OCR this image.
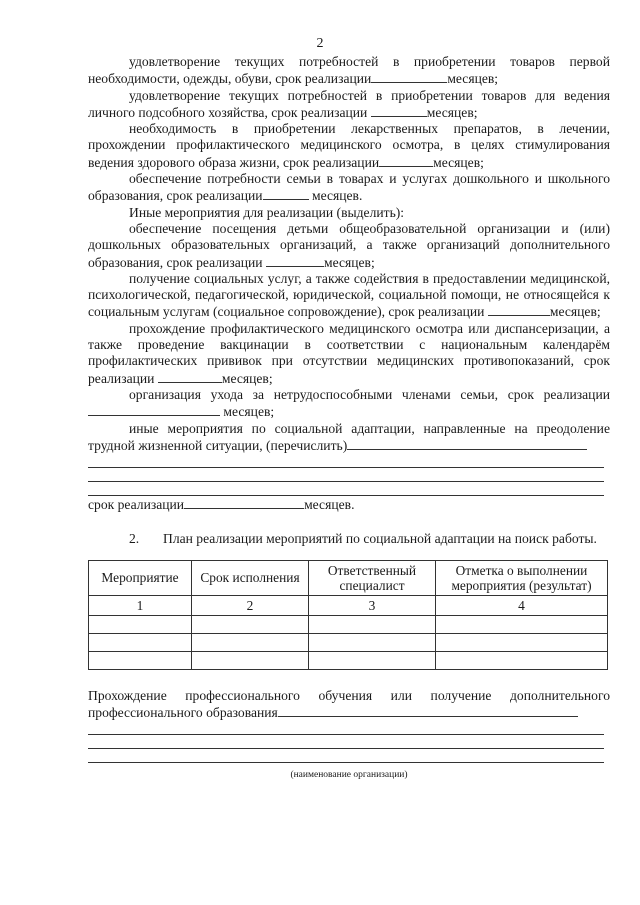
2

удовлетворение текущих потребностей в приобретении товаров первой необходимости, одежды, обуви, срок реализации	месяцев;

удовлетворение текущих потребностей в приобретении товаров для ведения личного подсобного хозяйства, срок реализации	месяцев;

необходимость в приобретении лекарственных препаратов, в лечении, прохождении профилактического медицинского осмотра, в целях стимулирования ведения здорового образа жизни, срок реализации	месяцев;

обеспечение потребности семьи в товарах и услугах дошкольного и школьного образования, срок реализации	месяцев.

Иные мероприятия для реализации (выделить):

обеспечение посещения детьми общеобразовательной организации и (или) дошкольных образовательных организаций, а также организаций дополнительного образования, срок реализации	месяцев;

получение социальных услуг, а также содействия в предоставлении медицинской, психологической, педагогической, юридической, социальной помощи, не относящейся к социальным услугам (социальное сопровождение), срок реализации	месяцев;

прохождение профилактического медицинского осмотра или диспансеризации, а также проведение вакцинации в соответствии с национальным календарём профилактических прививок при отсутствии медицинских противопоказаний, срок реализации	месяцев;

организация ухода за нетрудоспособными членами семьи, срок реализации месяцев;

иные мероприятия по социальной адаптации, направленные на преодоление трудной жизненной ситуации, (перечислить)

срок реализации	месяцев.

2. План реализации мероприятий по социальной адаптации на поиск работы.

Мероприятие	Срок исполнения	Ответственный специалист	Отметка о выполнении мероприятия (результат)
1	2	3	4

Прохождение профессионального обучения или получение дополнительного профессионального образования

(наименование организации)
